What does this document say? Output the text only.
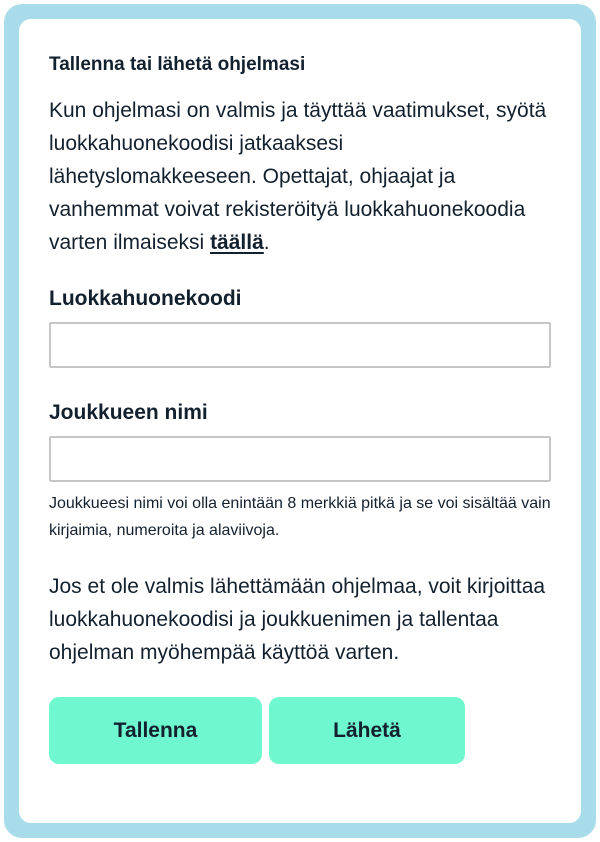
Tallenna tai lähetä ohjelmasi

Kun ohjelmasi on valmis ja täyttää vaatimukset, syötä luokkahuonekoodisi jatkaaksesi lähetyslomakkeeseen. Opettajat, ohjaajat ja vanhemmat voivat rekisteröityä luokkahuonekoodia varten ilmaiseksi täällä.

Luokkahuonekoodi
Joukkueen nimi

Joukkueesi nimi voi olla enintään 8 merkkiä pitkä ja se voi sisältää vain kirjaimia, numeroita ja alaviivoja.

Jos et ole valmis lähettämään ohjelmaa, voit kirjoittaa luokkahuonekoodisi ja joukkuenimen ja tallentaa ohjelman myöhempää käyttöä varten.

Tallenna	Lähetä
